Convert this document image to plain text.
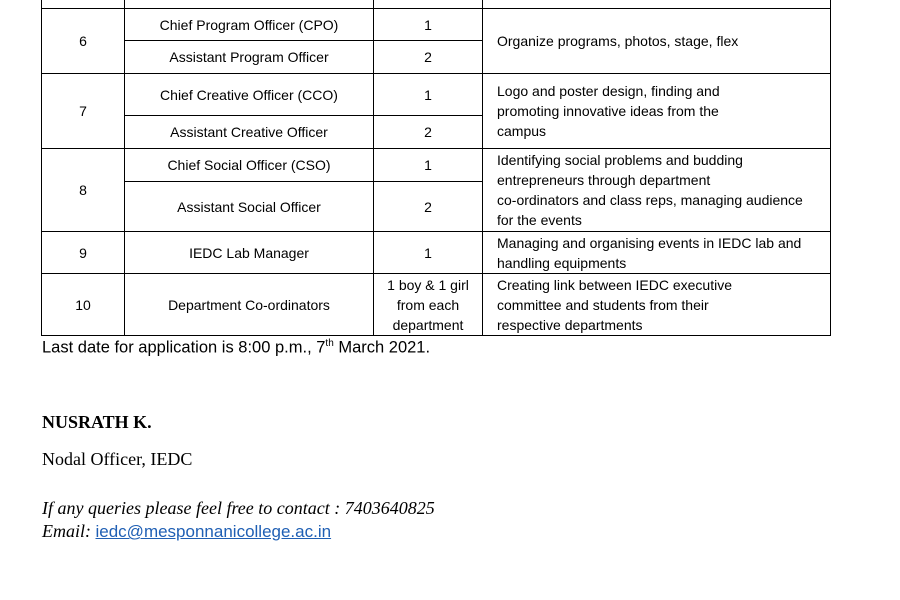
6	Chief Program Officer (CPO)	1	Organize programs, photos, stage, flex
	Assistant Program Officer	2	
7	Chief Creative Officer (CCO)	1	Logo and poster design, finding and
promoting innovative ideas from the
campus
	Assistant Creative Officer	2	
8	Chief Social Officer (CSO)	1	Identifying social problems and budding
entrepreneurs through department
co-ordinators and class reps, managing audience
for the events
	Assistant Social Officer	2	
9	IEDC Lab Manager	1	Managing and organising events in IEDC lab and
handling equipments
10	Department Co-ordinators	1 boy & 1 girl
from each
department	Creating link between IEDC executive
committee and students from their
respective departments
Last date for application is 8:00 p.m., 7th March 2021.
NUSRATH K.
Nodal Officer, IEDC
If any queries please feel free to contact : 7403640825
Email: iedc@mesponnanicollege.ac.in
